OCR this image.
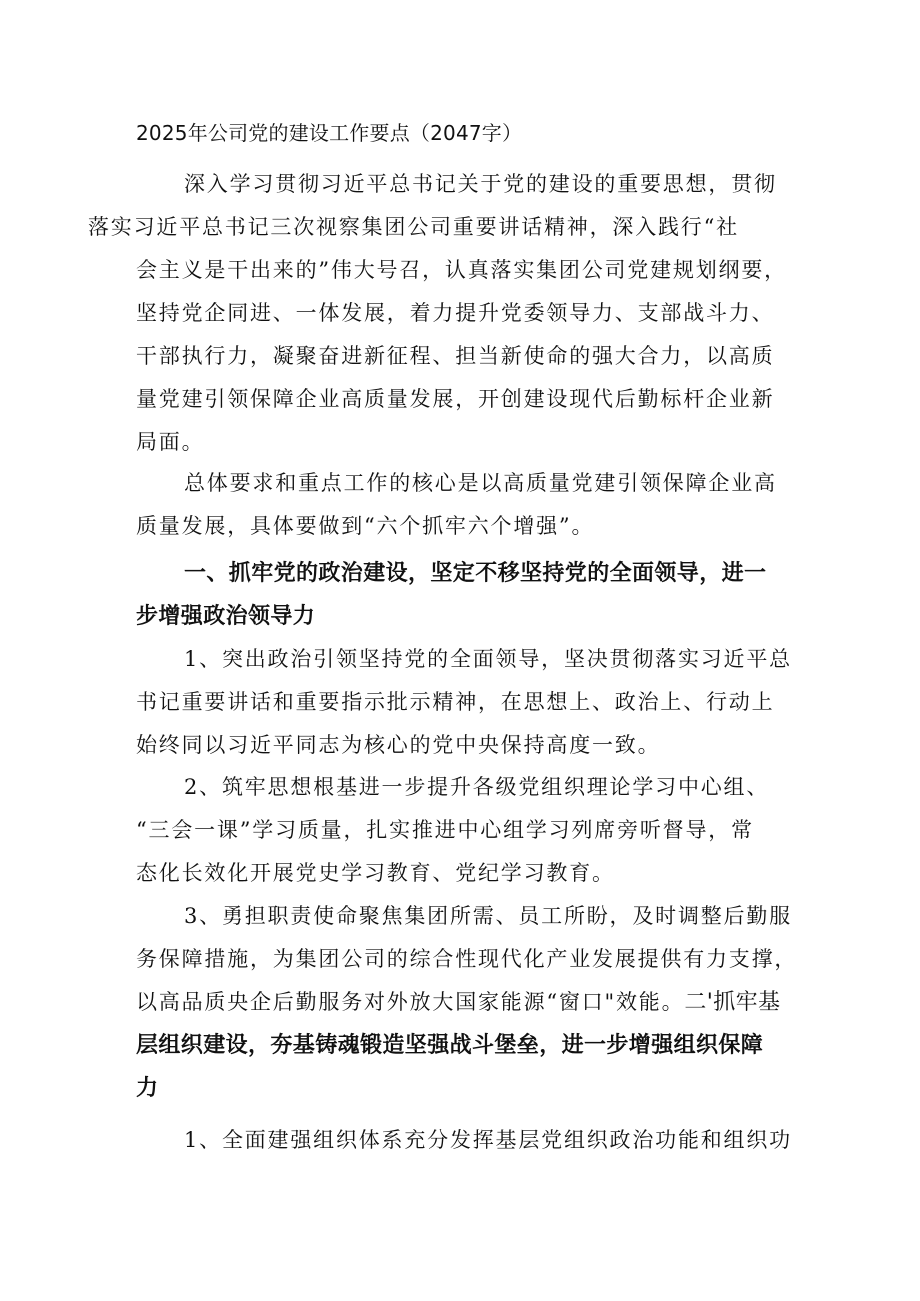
2025年公司党的建设工作要点（2047字）

深入学习贯彻习近平总书记关于党的建设的重要思想，贯彻
落实习近平总书记三次视察集团公司重要讲话精神，深入践行“社
会主义是干出来的”伟大号召，认真落实集团公司党建规划纲要，
坚持党企同进、一体发展，着力提升党委领导力、支部战斗力、
干部执行力，凝聚奋进新征程、担当新使命的强大合力，以高质
量党建引领保障企业高质量发展，开创建设现代后勤标杆企业新
局面。

总体要求和重点工作的核心是以高质量党建引领保障企业高
质量发展，具体要做到“六个抓牢六个增强”。

一、抓牢党的政治建设，坚定不移坚持党的全面领导，进一
步增强政治领导力

1、突出政治引领坚持党的全面领导，坚决贯彻落实习近平总
书记重要讲话和重要指示批示精神，在思想上、政治上、行动上
始终同以习近平同志为核心的党中央保持高度一致。

2、筑牢思想根基进一步提升各级党组织理论学习中心组、
“三会一课”学习质量，扎实推进中心组学习列席旁听督导，常
态化长效化开展党史学习教育、党纪学习教育。

3、勇担职责使命聚焦集团所需、员工所盼，及时调整后勤服
务保障措施，为集团公司的综合性现代化产业发展提供有力支撑，
以高品质央企后勤服务对外放大国家能源“窗口"效能。二'抓牢基

层组织建设，夯基铸魂锻造坚强战斗堡垒，进一步增强组织保障
力

1、全面建强组织体系充分发挥基层党组织政治功能和组织功
